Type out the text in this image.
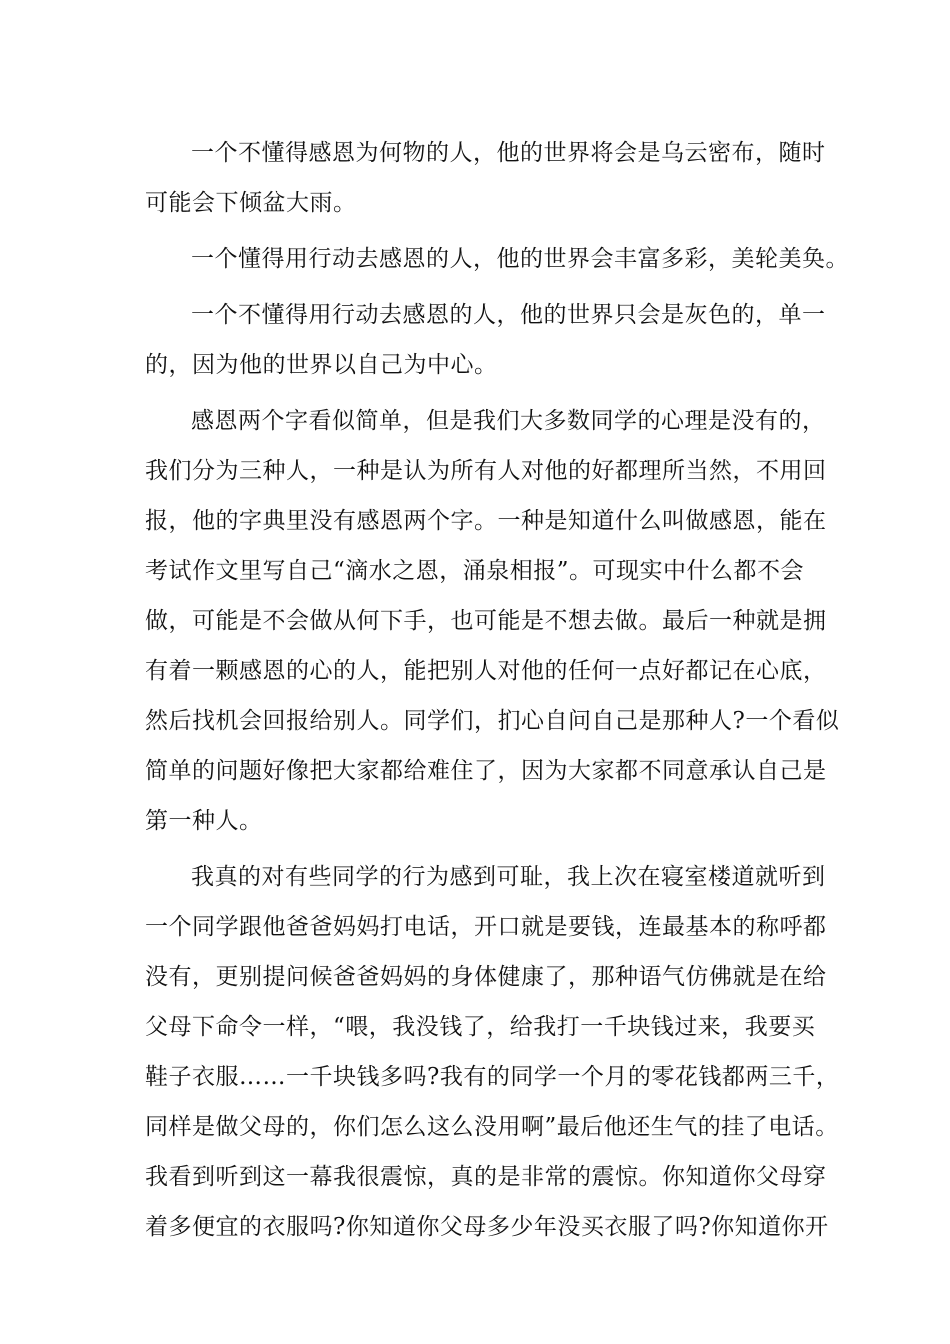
一个不懂得感恩为何物的人，他的世界将会是乌云密布，随时
可能会下倾盆大雨。
一个懂得用行动去感恩的人，他的世界会丰富多彩，美轮美奂。
一个不懂得用行动去感恩的人，他的世界只会是灰色的，单一
的，因为他的世界以自己为中心。
感恩两个字看似简单，但是我们大多数同学的心理是没有的，
我们分为三种人，一种是认为所有人对他的好都理所当然，不用回
报，他的字典里没有感恩两个字。一种是知道什么叫做感恩，能在
考试作文里写自己“滴水之恩，涌泉相报”。可现实中什么都不会
做，可能是不会做从何下手，也可能是不想去做。最后一种就是拥
有着一颗感恩的心的人，能把别人对他的任何一点好都记在心底，
然后找机会回报给别人。同学们，扪心自问自己是那种人?一个看似
简单的问题好像把大家都给难住了，因为大家都不同意承认自己是
第一种人。
我真的对有些同学的行为感到可耻，我上次在寝室楼道就听到
一个同学跟他爸爸妈妈打电话，开口就是要钱，连最基本的称呼都
没有，更别提问候爸爸妈妈的身体健康了，那种语气仿佛就是在给
父母下命令一样，“喂，我没钱了，给我打一千块钱过来，我要买
鞋子衣服……一千块钱多吗?我有的同学一个月的零花钱都两三千，
同样是做父母的，你们怎么这么没用啊”最后他还生气的挂了电话。
我看到听到这一幕我很震惊，真的是非常的震惊。你知道你父母穿
着多便宜的衣服吗?你知道你父母多少年没买衣服了吗?你知道你开
